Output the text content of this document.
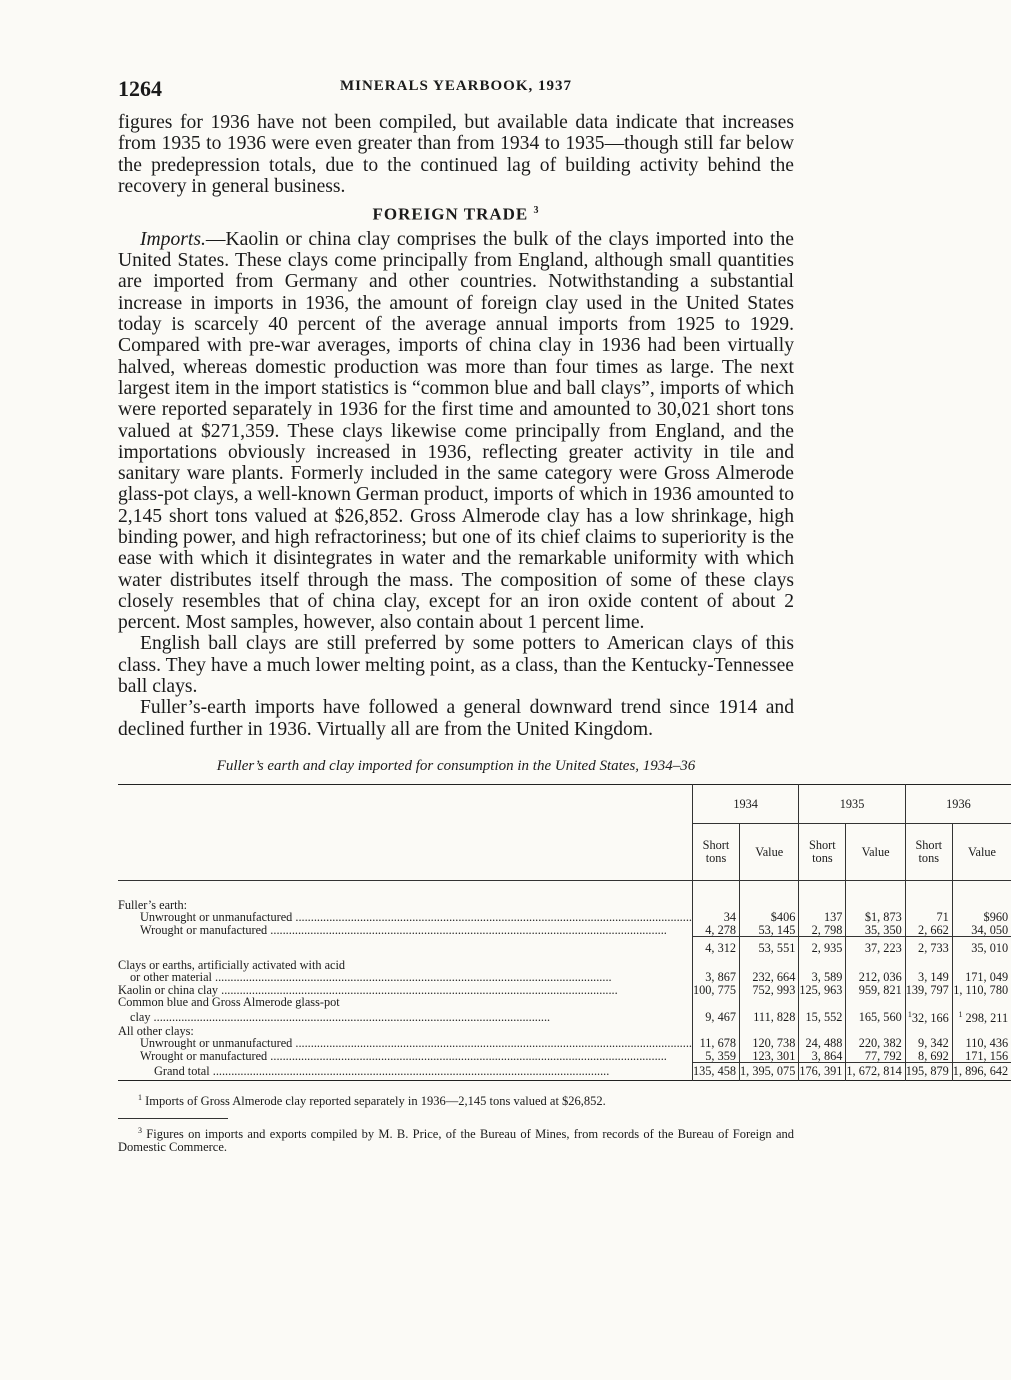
1264	MINERALS YEARBOOK, 1937

figures for 1936 have not been compiled, but available data indicate that increases from 1935 to 1936 were even greater than from 1934 to 1935—though still far below the predepression totals, due to the continued lag of building activity behind the recovery in general business.

FOREIGN TRADE $^3$

Imports.—Kaolin or china clay comprises the bulk of the clays imported into the United States. These clays come principally from England, although small quantities are imported from Germany and other countries. Notwithstanding a substantial increase in imports in 1936, the amount of foreign clay used in the United States today is scarcely 40 percent of the average annual imports from 1925 to 1929. Compared with pre-war averages, imports of china clay in 1936 had been virtually halved, whereas domestic production was more than four times as large. The next largest item in the import statistics is “common blue and ball clays”, imports of which were reported separately in 1936 for the first time and amounted to 30,021 short tons valued at $271,359. These clays likewise come principally from England, and the importations obviously increased in 1936, reflecting greater activity in tile and sanitary ware plants. Formerly included in the same category were Gross Almerode glass-pot clays, a well-known German product, imports of which in 1936 amounted to 2,145 short tons valued at $26,852. Gross Almerode clay has a low shrinkage, high binding power, and high refractoriness; but one of its chief claims to superiority is the ease with which it disintegrates in water and the remarkable uniformity with which water distributes itself through the mass. The composition of some of these clays closely resembles that of china clay, except for an iron oxide content of about 2 percent. Most samples, however, also contain about 1 percent lime.

English ball clays are still preferred by some potters to American clays of this class. They have a much lower melting point, as a class, than the Kentucky-Tennessee ball clays.

Fuller’s-earth imports have followed a general downward trend since 1914 and declined further in 1936. Virtually all are from the United Kingdom.

Fuller’s earth and clay imported for consumption in the United States, 1934–36
	1934		1935		1936	
	Short tons	Value	Short tons	Value	Short tons	Value

Fuller’s earth:						

Unwrought or unmanufactured .....	34	$406	137	$1, 873	71	$960

Wrought or manufactured .....	4, 278	53, 145	2, 798	35, 350	2, 662	34, 050
	4, 312	53, 551	2, 935	37, 223	2, 733	35, 010
Clays or earths, artificially activated with acid						

or other material .....	3, 867	232, 664	3, 589	212, 036	3, 149	171, 049

Kaolin or china clay .....	100, 775	752, 993	125, 963	959, 821	139, 797	1, 110, 780
Common blue and Gross Almerode glass-pot						

clay .....	9, 467	111, 828	15, 552	165, 560	$^1$32, 166	$^1$ 298, 211
All other clays:						

Unwrought or unmanufactured .....	11, 678	120, 738	24, 488	220, 382	9, 342	110, 436

Wrought or manufactured .....	5, 359	123, 301	3, 864	77, 792	8, 692	171, 156

Grand total .....	135, 458	1, 395, 075	176, 391	1, 672, 814	195, 879	1, 896, 642

$^1$ Imports of Gross Almerode clay reported separately in 1936—2,145 tons valued at $26,852.
$^3$ Figures on imports and exports compiled by M. B. Price, of the Bureau of Mines, from records of the Bureau of Foreign and Domestic Commerce.
